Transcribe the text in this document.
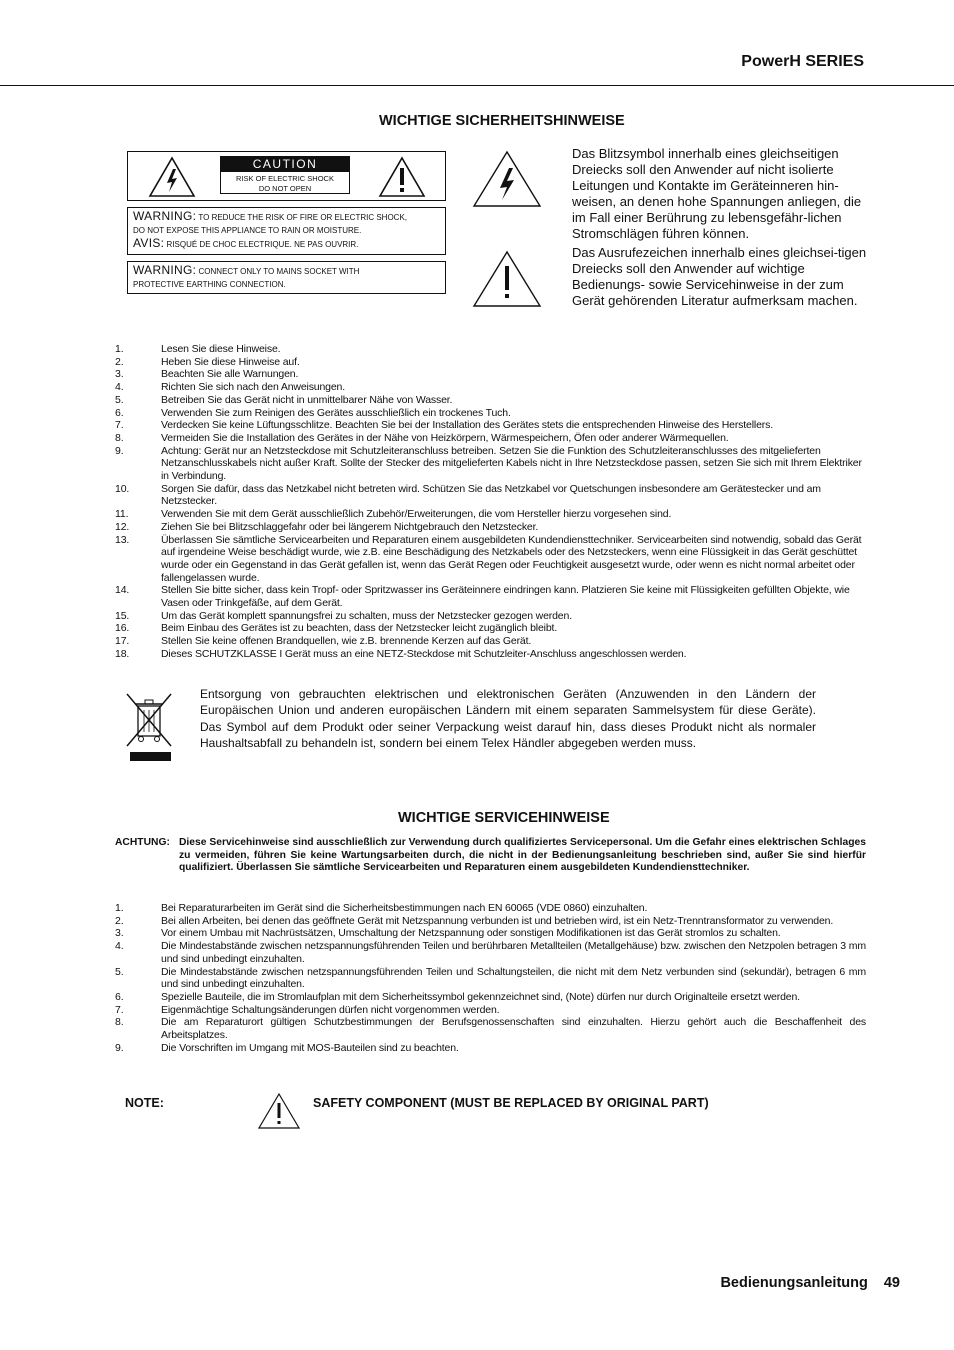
PowerH SERIES
WICHTIGE SICHERHEITSHINWEISE
CAUTION
RISK OF ELECTRIC SHOCK
DO NOT OPEN
WARNING: TO REDUCE THE RISK OF FIRE OR ELECTRIC SHOCK,
DO NOT EXPOSE THIS APPLIANCE TO RAIN OR MOISTURE.
AVIS: RISQUÉ DE CHOC ELECTRIQUE. NE PAS OUVRIR.
WARNING: CONNECT ONLY TO MAINS SOCKET WITH
PROTECTIVE EARTHING CONNECTION.
Das Blitzsymbol innerhalb eines gleichseitigen Dreiecks soll den Anwender auf nicht isolierte Leitungen und Kontakte im Geräteinneren hin-weisen, an denen hohe Spannungen anliegen, die im Fall einer Berührung zu lebensgefähr-lichen Stromschlägen führen können.
Das Ausrufezeichen innerhalb eines gleichsei-tigen Dreiecks soll den Anwender auf wichtige Bedienungs- sowie Servicehinweise in der zum Gerät gehörenden Literatur aufmerksam machen.
1.	Lesen Sie diese Hinweise.
2.	Heben Sie diese Hinweise auf.
3.	Beachten Sie alle Warnungen.
4.	Richten Sie sich nach den Anweisungen.
5.	Betreiben Sie das Gerät nicht in unmittelbarer Nähe von Wasser.
6.	Verwenden Sie zum Reinigen des Gerätes ausschließlich ein trockenes Tuch.
7.	Verdecken Sie keine Lüftungsschlitze. Beachten Sie bei der Installation des Gerätes stets die entsprechenden Hinweise des Herstellers.
8.	Vermeiden Sie die Installation des Gerätes in der Nähe von Heizkörpern, Wärmespeichern, Öfen oder anderer Wärmequellen.
9.	Achtung: Gerät nur an Netzsteckdose mit Schutzleiteranschluss betreiben. Setzen Sie die Funktion des Schutzleiteranschlusses des mitgelieferten Netzanschlusskabels nicht außer Kraft. Sollte der Stecker des mitgelieferten Kabels nicht in Ihre Netzsteckdose passen, setzen Sie sich mit Ihrem Elektriker in Verbindung.
10.	Sorgen Sie dafür, dass das Netzkabel nicht betreten wird. Schützen Sie das Netzkabel vor Quetschungen insbesondere am Gerätestecker und am Netzstecker.
11.	Verwenden Sie mit dem Gerät ausschließlich Zubehör/Erweiterungen, die vom Hersteller hierzu vorgesehen sind.
12.	Ziehen Sie bei Blitzschlaggefahr oder bei längerem Nichtgebrauch den Netzstecker.
13.	Überlassen Sie sämtliche Servicearbeiten und Reparaturen einem ausgebildeten Kundendiensttechniker. Servicearbeiten sind notwendig, sobald das Gerät auf irgendeine Weise beschädigt wurde, wie z.B. eine Beschädigung des Netzkabels oder des Netzsteckers, wenn eine Flüssigkeit in das Gerät geschüttet wurde oder ein Gegenstand in das Gerät gefallen ist, wenn das Gerät Regen oder Feuchtigkeit ausgesetzt wurde, oder wenn es nicht normal arbeitet oder fallengelassen wurde.
14.	Stellen Sie bitte sicher, dass kein Tropf- oder Spritzwasser ins Geräteinnere eindringen kann. Platzieren Sie keine mit Flüssigkeiten gefüllten Objekte, wie Vasen oder Trinkgefäße, auf dem Gerät.
15.	Um das Gerät komplett spannungsfrei zu schalten, muss der Netzstecker gezogen werden.
16.	Beim Einbau des Gerätes ist zu beachten, dass der Netzstecker leicht zugänglich bleibt.
17.	Stellen Sie keine offenen Brandquellen, wie z.B. brennende Kerzen auf das Gerät.
18.	Dieses SCHUTZKLASSE I Gerät muss an eine NETZ-Steckdose mit Schutzleiter-Anschluss angeschlossen werden.
Entsorgung von gebrauchten elektrischen und elektronischen Geräten (Anzuwenden in den Ländern der Europäischen Union und anderen europäischen Ländern mit einem separaten Sammelsystem für diese Geräte). Das Symbol auf dem Produkt oder seiner Verpackung weist darauf hin, dass dieses Produkt nicht als normaler Haushaltsabfall zu behandeln ist, sondern bei einem Telex Händler abgegeben werden muss.
WICHTIGE SERVICEHINWEISE
ACHTUNG: Diese Servicehinweise sind ausschließlich zur Verwendung durch qualifiziertes Servicepersonal. Um die Gefahr eines elektrischen Schlages zu vermeiden, führen Sie keine Wartungsarbeiten durch, die nicht in der Bedienungsanleitung beschrieben sind, außer Sie sind hierfür qualifiziert. Überlassen Sie sämtliche Servicearbeiten und Reparaturen einem ausgebildeten Kundendiensttechniker.
1.	Bei Reparaturarbeiten im Gerät sind die Sicherheitsbestimmungen nach EN 60065 (VDE 0860) einzuhalten.
2.	Bei allen Arbeiten, bei denen das geöffnete Gerät mit Netzspannung verbunden ist und betrieben wird, ist ein Netz-Trenntransformator zu verwenden.
3.	Vor einem Umbau mit Nachrüstsätzen, Umschaltung der Netzspannung oder sonstigen Modifikationen ist das Gerät stromlos zu schalten.
4.	Die Mindestabstände zwischen netzspannungsführenden Teilen und berührbaren Metallteilen (Metallgehäuse) bzw. zwischen den Netzpolen betragen 3 mm und sind unbedingt einzuhalten.
5.	Die Mindestabstände zwischen netzspannungsführenden Teilen und Schaltungsteilen, die nicht mit dem Netz verbunden sind (sekundär), betragen 6 mm und sind unbedingt einzuhalten.
6.	Spezielle Bauteile, die im Stromlaufplan mit dem Sicherheitssymbol gekennzeichnet sind, (Note) dürfen nur durch Originalteile ersetzt werden.
7.	Eigenmächtige Schaltungsänderungen dürfen nicht vorgenommen werden.
8.	Die am Reparaturort gültigen Schutzbestimmungen der Berufsgenossenschaften sind einzuhalten. Hierzu gehört auch die Beschaffenheit des Arbeitsplatzes.
9.	Die Vorschriften im Umgang mit MOS-Bauteilen sind zu beachten.
NOTE:	SAFETY COMPONENT (MUST BE REPLACED BY ORIGINAL PART)
Bedienungsanleitung 49
